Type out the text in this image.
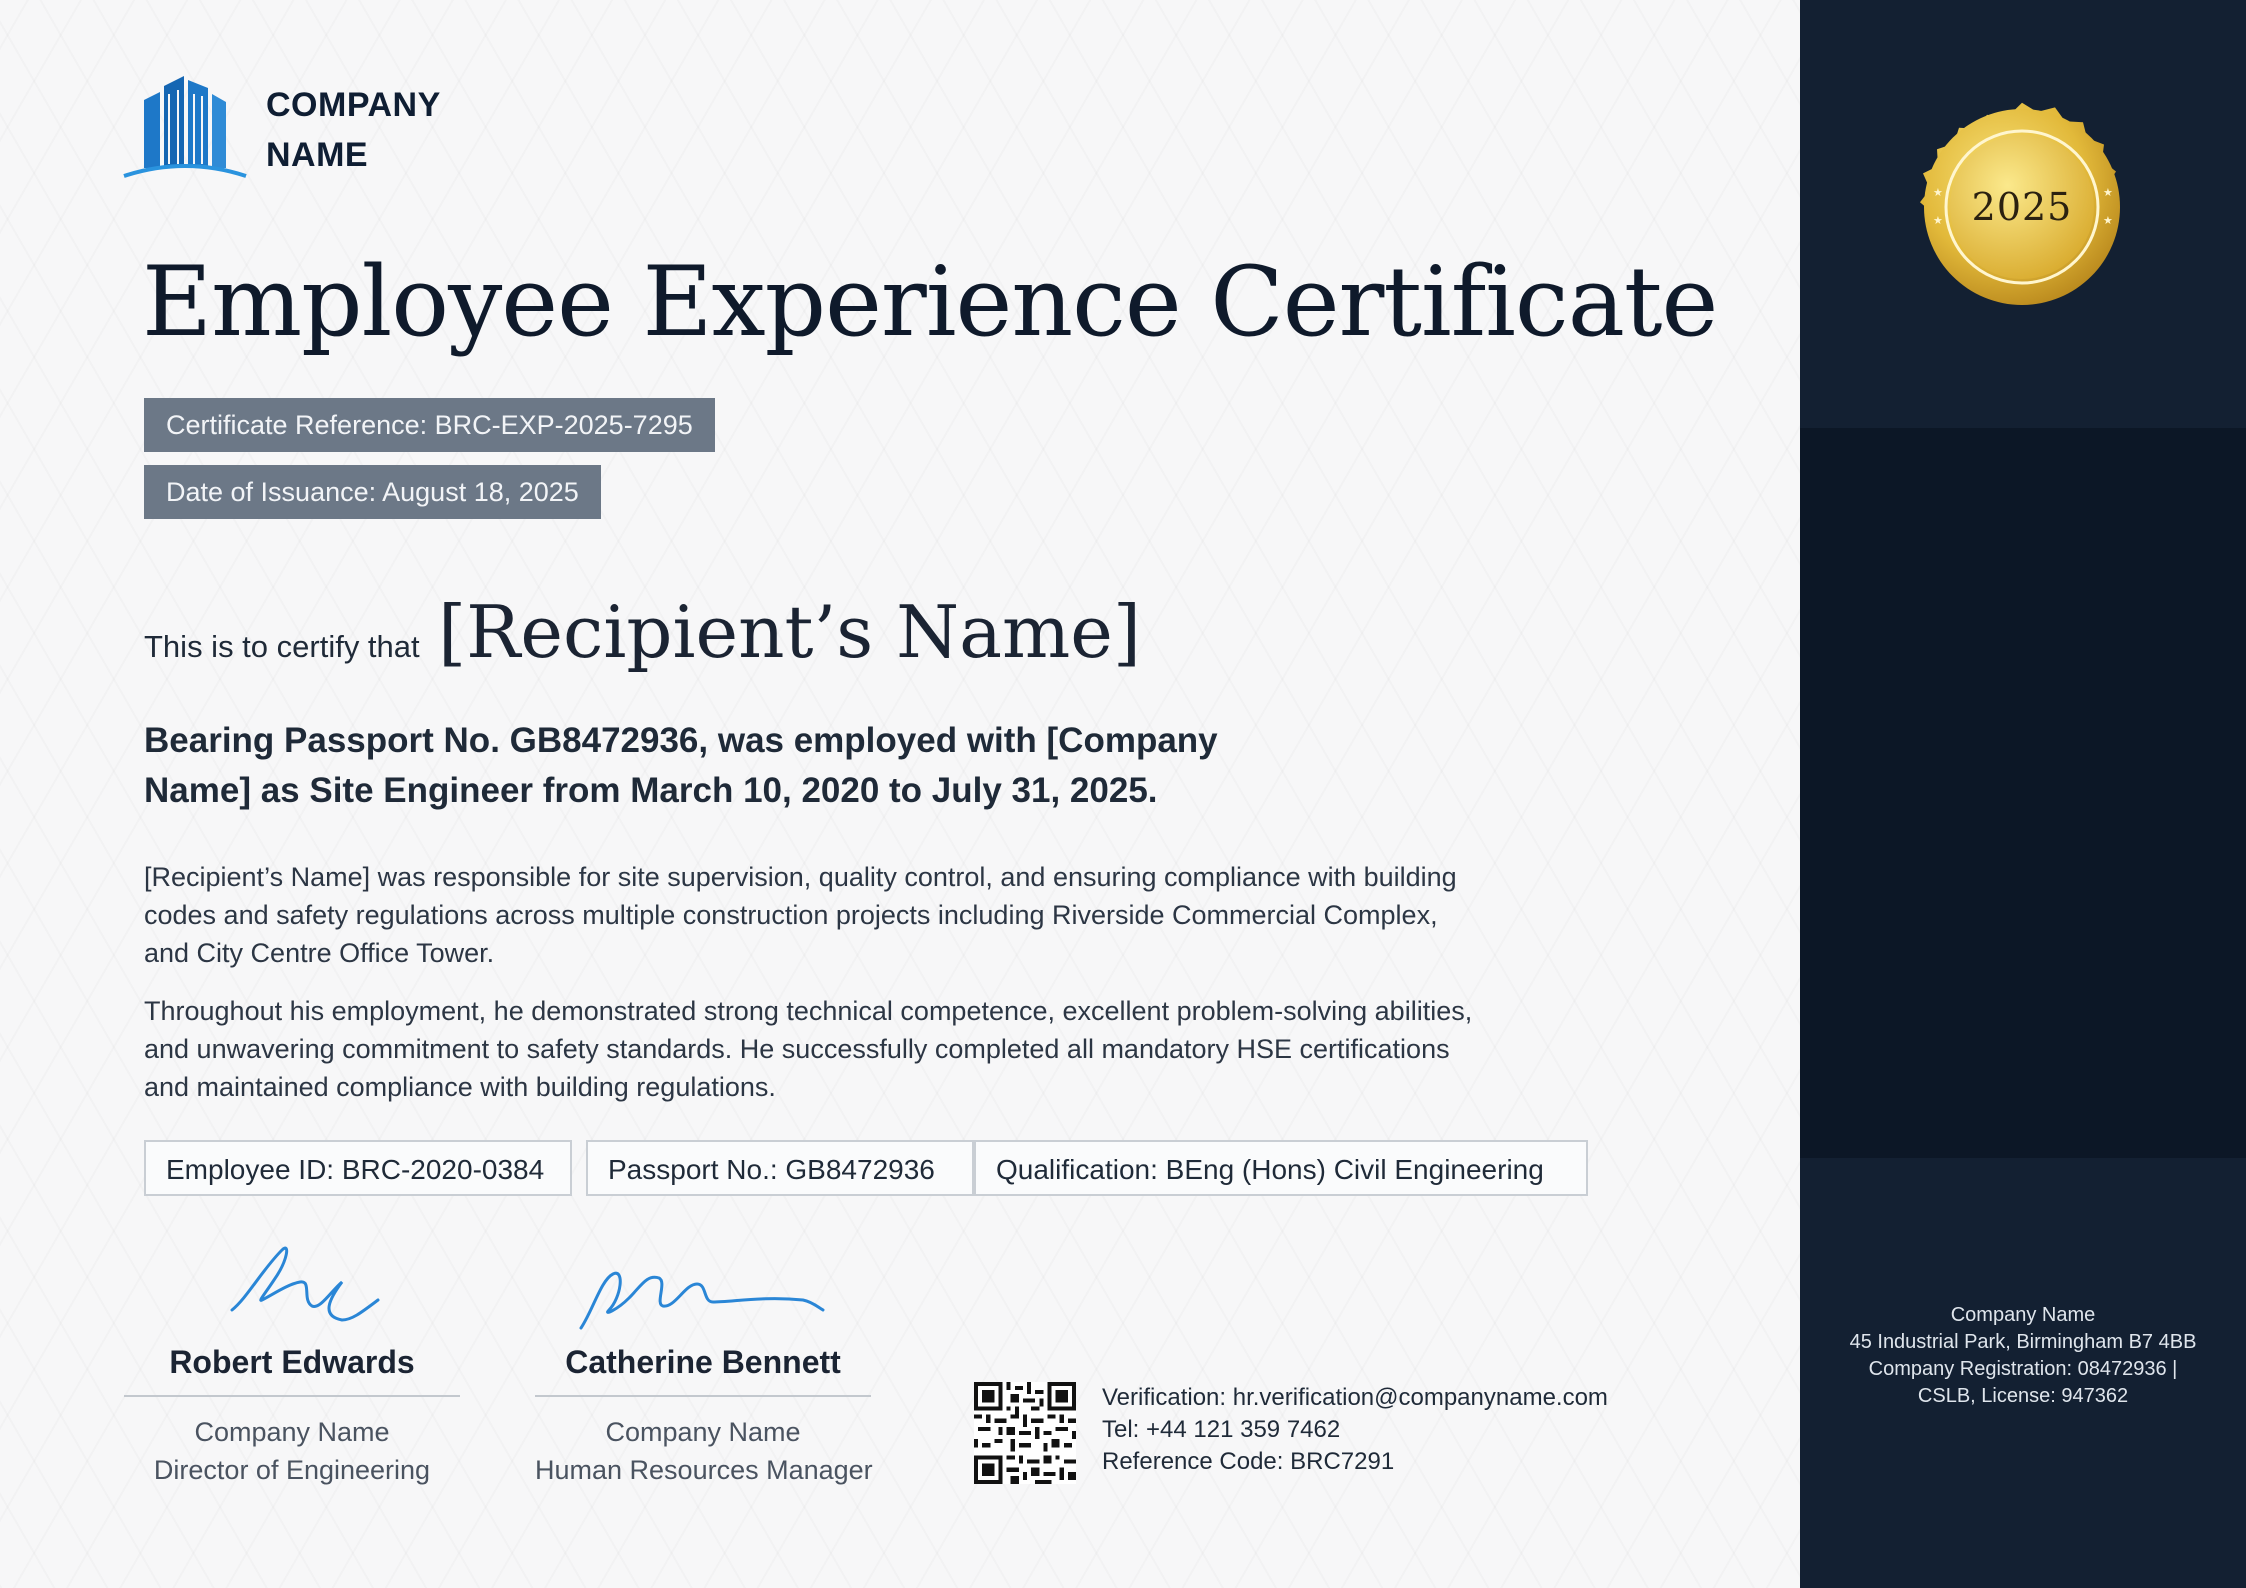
★
★
★
★
2025
Company Name
45 Industrial Park, Birmingham B7 4BB
Company Registration: 08472936 |
CSLB, License: 947362
COMPANY
NAME
Employee Experience Certificate
Certificate Reference: BRC-EXP-2025-7295
Date of Issuance: August 18, 2025
This is to certify that [Recipient’s Name]
Bearing Passport No. GB8472936, was employed with [Company Name] as Site Engineer from March 10, 2020 to July 31, 2025.
[Recipient’s Name] was responsible for site supervision, quality control, and ensuring compliance with building codes and safety regulations across multiple construction projects including Riverside Commercial Complex, and City Centre Office Tower.
Throughout his employment, he demonstrated strong technical competence, excellent problem-solving abilities, and unwavering commitment to safety standards. He successfully completed all mandatory HSE certifications and maintained compliance with building regulations.
Employee ID: BRC-2020-0384	Passport No.: GB8472936	Qualification: BEng (Hons) Civil Engineering
Robert Edwards
Company Name
Director of Engineering
Catherine Bennett
Company Name
Human Resources Manager
Verification: hr.verification@companyname.com
Tel: +44 121 359 7462
Reference Code: BRC7291
